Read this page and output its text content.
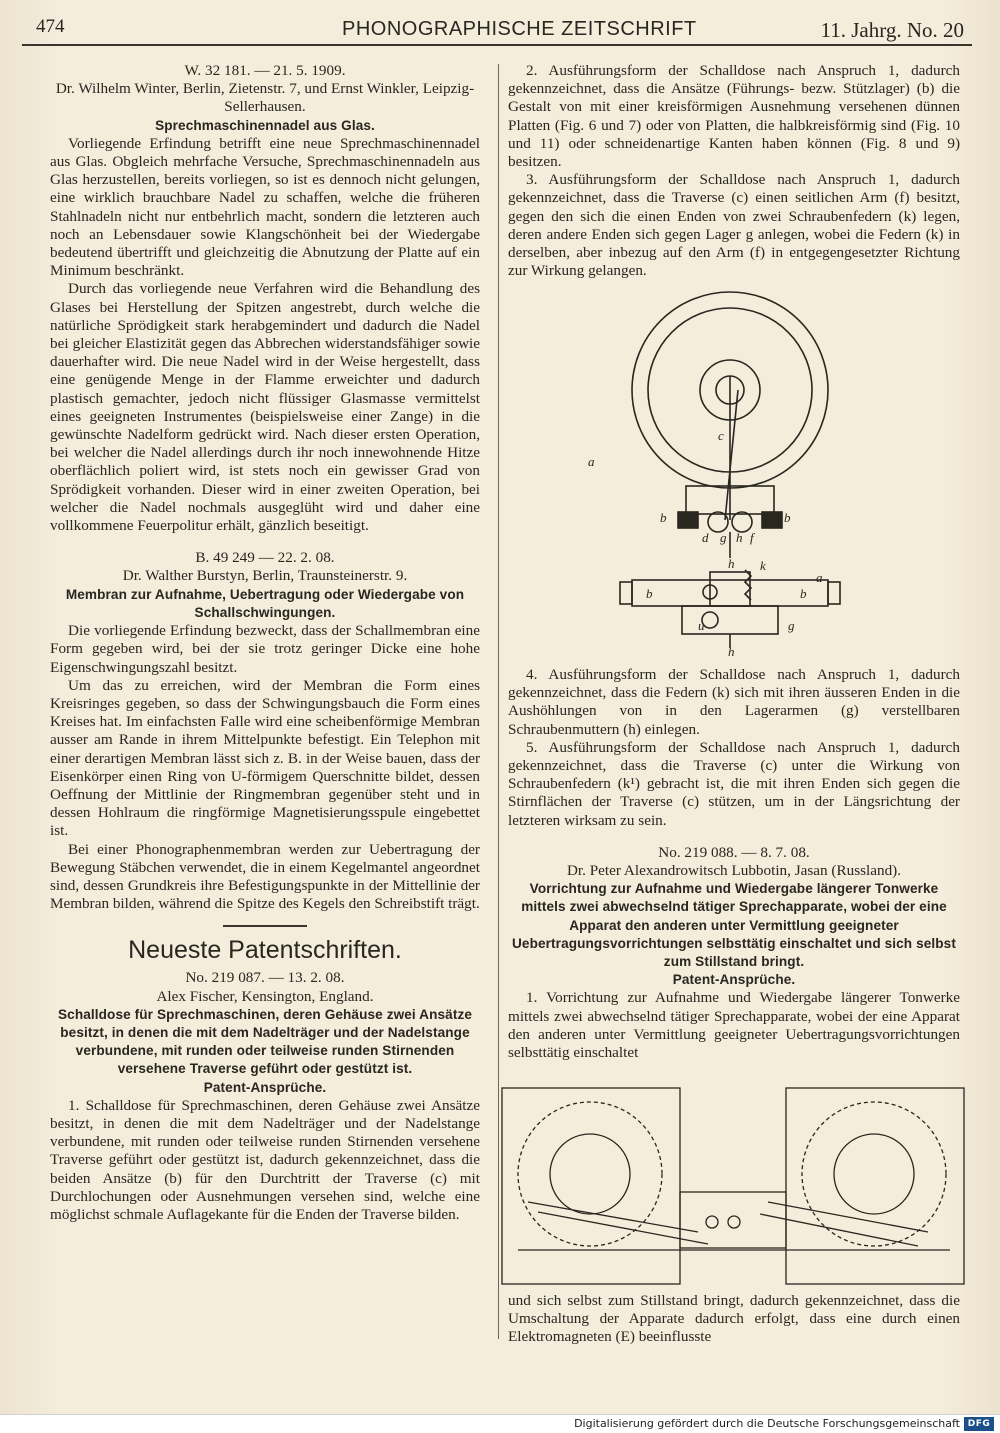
474	PHONOGRAPHISCHE ZEITSCHRIFT	11. Jahrg. No. 20
W. 32 181. — 21. 5. 1909.
Dr. Wilhelm Winter, Berlin, Zietenstr. 7, und Ernst Winkler, Leipzig-Sellerhausen.
Sprechmaschinennadel aus Glas.
Vorliegende Erfindung betrifft eine neue Sprechmaschinennadel aus Glas. Obgleich mehrfache Versuche, Sprechmaschinennadeln aus Glas herzustellen, bereits vorliegen, so ist es dennoch nicht gelungen, eine wirklich brauchbare Nadel zu schaffen, welche die früheren Stahlnadeln nicht nur entbehrlich macht, sondern die letzteren auch noch an Lebensdauer sowie Klangschönheit bei der Wiedergabe bedeutend übertrifft und gleichzeitig die Abnutzung der Platte auf ein Minimum beschränkt.
Durch das vorliegende neue Verfahren wird die Behandlung des Glases bei Herstellung der Spitzen angestrebt, durch welche die natürliche Sprödigkeit stark herabgemindert und dadurch die Nadel bei gleicher Elastizität gegen das Abbrechen widerstandsfähiger sowie dauerhafter wird. Die neue Nadel wird in der Weise hergestellt, dass eine genügende Menge in der Flamme erweichter und dadurch plastisch gemachter, jedoch nicht flüssiger Glasmasse vermittelst eines geeigneten Instrumentes (beispielsweise einer Zange) in die gewünschte Nadelform gedrückt wird. Nach dieser ersten Operation, bei welcher die Nadel allerdings durch ihr noch innewohnende Hitze oberflächlich poliert wird, ist stets noch ein gewisser Grad von Sprödigkeit vorhanden. Dieser wird in einer zweiten Operation, bei welcher die Nadel nochmals ausgeglüht wird und daher eine vollkommene Feuerpolitur erhält, gänzlich beseitigt.
B. 49 249 — 22. 2. 08.
Dr. Walther Burstyn, Berlin, Traunsteinerstr. 9.
Membran zur Aufnahme, Uebertragung oder Wiedergabe von Schallschwingungen.
Die vorliegende Erfindung bezweckt, dass der Schallmembran eine Form gegeben wird, bei der sie trotz geringer Dicke eine hohe Eigenschwingungszahl besitzt.
Um das zu erreichen, wird der Membran die Form eines Kreisringes gegeben, so dass der Schwingungsbauch die Form eines Kreises hat. Im einfachsten Falle wird eine scheibenförmige Membran ausser am Rande in ihrem Mittelpunkte befestigt. Ein Telephon mit einer derartigen Membran lässt sich z. B. in der Weise bauen, dass der Eisenkörper einen Ring von U-förmigem Querschnitte bildet, dessen Oeffnung der Mittlinie der Ringmembran gegenüber steht und in dessen Hohlraum die ringförmige Magnetisierungsspule eingebettet ist.
Bei einer Phonographenmembran werden zur Uebertragung der Bewegung Stäbchen verwendet, die in einem Kegelmantel angeordnet sind, dessen Grundkreis ihre Befestigungspunkte in der Mittellinie der Membran bilden, während die Spitze des Kegels den Schreibstift trägt.
Neueste Patentschriften.
No. 219 087. — 13. 2. 08.
Alex Fischer, Kensington, England.
Schalldose für Sprechmaschinen, deren Gehäuse zwei Ansätze besitzt, in denen die mit dem Nadelträger und der Nadelstange verbundene, mit runden oder teilweise runden Stirnenden versehene Traverse geführt oder gestützt ist.
Patent-Ansprüche.
1. Schalldose für Sprechmaschinen, deren Gehäuse zwei Ansätze besitzt, in denen die mit dem Nadelträger und der Nadelstange verbundene, mit runden oder teilweise runden Stirnenden versehene Traverse geführt oder gestützt ist, dadurch gekennzeichnet, dass die beiden Ansätze (b) für den Durchtritt der Traverse (c) mit Durchlochungen oder Ausnehmungen versehen sind, welche eine möglichst schmale Auflagekante für die Enden der Traverse bilden.
2. Ausführungsform der Schalldose nach Anspruch 1, dadurch gekennzeichnet, dass die Ansätze (Führungs- bezw. Stützlager) (b) die Gestalt von mit einer kreisförmigen Ausnehmung versehenen dünnen Platten (Fig. 6 und 7) oder von Platten, die halbkreisförmig sind (Fig. 10 und 11) oder schneidenartige Kanten haben können (Fig. 8 und 9) besitzen.
3. Ausführungsform der Schalldose nach Anspruch 1, dadurch gekennzeichnet, dass die Traverse (c) einen seitlichen Arm (f) besitzt, gegen den sich die einen Enden von zwei Schraubenfedern (k) legen, deren andere Enden sich gegen Lager g anlegen, wobei die Federn (k) in derselben, aber inbezug auf den Arm (f) in entgegengesetzter Richtung zur Wirkung gelangen.
c
a
b	b
d g h f
h k
b	b
a
u	g
h
4. Ausführungsform der Schalldose nach Anspruch 1, dadurch gekennzeichnet, dass die Federn (k) sich mit ihren äusseren Enden in die Aushöhlungen von in den Lagerarmen (g) verstellbaren Schraubenmuttern (h) einlegen.
5. Ausführungsform der Schalldose nach Anspruch 1, dadurch gekennzeichnet, dass die Traverse (c) unter die Wirkung von Schraubenfedern (k¹) gebracht ist, die mit ihren Enden sich gegen die Stirnflächen der Traverse (c) stützen, um in der Längsrichtung der letzteren wirksam zu sein.
No. 219 088. — 8. 7. 08.
Dr. Peter Alexandrowitsch Lubbotin, Jasan (Russland).
Vorrichtung zur Aufnahme und Wiedergabe längerer Tonwerke mittels zwei abwechselnd tätiger Sprechapparate, wobei der eine Apparat den anderen unter Vermittlung geeigneter Uebertragungsvorrichtungen selbsttätig einschaltet und sich selbst zum Stillstand bringt.
Patent-Ansprüche.
1. Vorrichtung zur Aufnahme und Wiedergabe längerer Tonwerke mittels zwei abwechselnd tätiger Sprechapparate, wobei der eine Apparat den anderen unter Vermittlung geeigneter Uebertragungsvorrichtungen selbsttätig einschaltet
und sich selbst zum Stillstand bringt, dadurch gekennzeichnet, dass die Umschaltung der Apparate dadurch erfolgt, dass eine durch einen Elektromagneten (E) beeinflusste
Digitalisierung gefördert durch die Deutsche Forschungsgemeinschaft DFG
